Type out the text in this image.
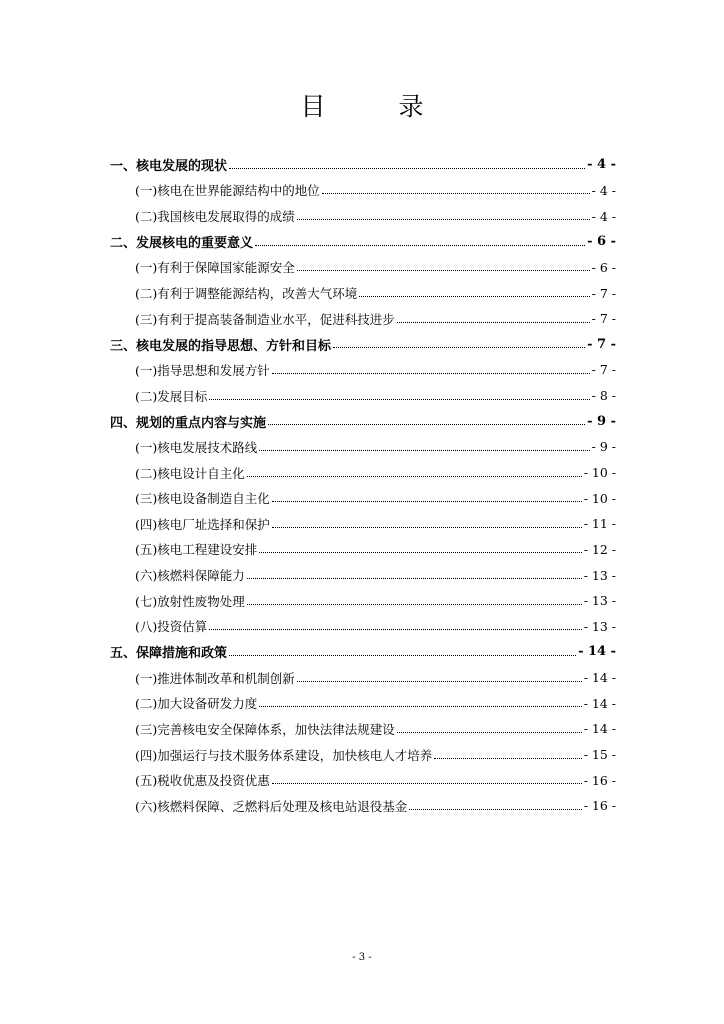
目　录
一、核电发展的现状	- 4 -
(一)核电在世界能源结构中的地位	- 4 -
(二)我国核电发展取得的成绩	- 4 -
二、发展核电的重要意义	- 6 -
(一)有利于保障国家能源安全	- 6 -
(二)有利于调整能源结构，改善大气环境	- 7 -
(三)有利于提高装备制造业水平，促进科技进步	- 7 -
三、核电发展的指导思想、方针和目标	- 7 -
(一)指导思想和发展方针	- 7 -
(二)发展目标	- 8 -
四、规划的重点内容与实施	- 9 -
(一)核电发展技术路线	- 9 -
(二)核电设计自主化	- 10 -
(三)核电设备制造自主化	- 10 -
(四)核电厂址选择和保护	- 11 -
(五)核电工程建设安排	- 12 -
(六)核燃料保障能力	- 13 -
(七)放射性废物处理	- 13 -
(八)投资估算	- 13 -
五、保障措施和政策	- 14 -
(一)推进体制改革和机制创新	- 14 -
(二)加大设备研发力度	- 14 -
(三)完善核电安全保障体系，加快法律法规建设	- 14 -
(四)加强运行与技术服务体系建设，加快核电人才培养	- 15 -
(五)税收优惠及投资优惠	- 16 -
(六)核燃料保障、乏燃料后处理及核电站退役基金	- 16 -
- 3 -
